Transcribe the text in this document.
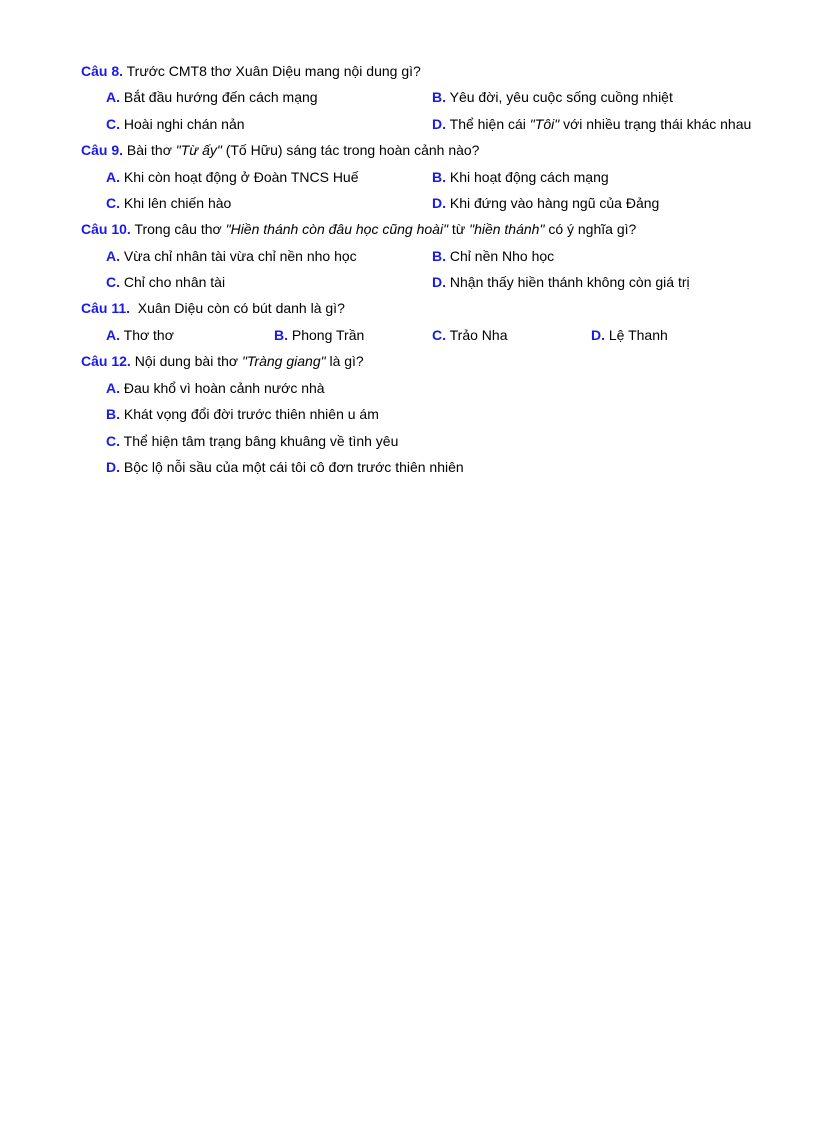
Câu 8. Trước CMT8 thơ Xuân Diệu mang nội dung gì?
A. Bắt đầu hướng đến cách mạng	B. Yêu đời, yêu cuộc sống cuồng nhiệt
C. Hoài nghi chán nản	D. Thể hiện cái "Tôi" với nhiều trạng thái khác nhau
Câu 9. Bài thơ "Từ ấy" (Tố Hữu) sáng tác trong hoàn cảnh nào?
A. Khi còn hoạt động ở Đoàn TNCS Huế	B. Khi hoạt động cách mạng
C. Khi lên chiến hào	D. Khi đứng vào hàng ngũ của Đảng
Câu 10. Trong câu thơ "Hiền thánh còn đâu học cũng hoài" từ "hiền thánh" có ý nghĩa gì?
A. Vừa chỉ nhân tài vừa chỉ nền nho học	B. Chỉ nền Nho học
C. Chỉ cho nhân tài	D. Nhận thấy hiền thánh không còn giá trị
Câu 11.  Xuân Diệu còn có bút danh là gì?
A. Thơ thơ	B. Phong Trần	C. Trảo Nha	D. Lệ Thanh
Câu 12. Nội dung bài thơ "Tràng giang" là gì?
A. Đau khổ vì hoàn cảnh nước nhà
B. Khát vọng đổi đời trước thiên nhiên u ám
C. Thể hiện tâm trạng bâng khuâng về tình yêu
D. Bộc lộ nỗi sầu của một cái tôi cô đơn trước thiên nhiên
